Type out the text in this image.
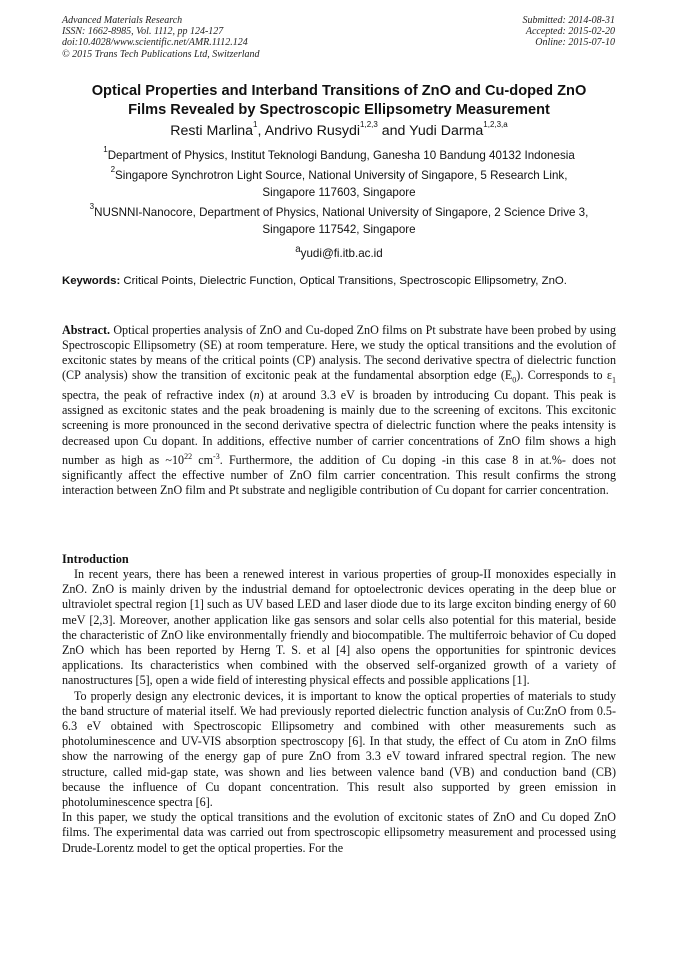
Advanced Materials Research
ISSN: 1662-8985, Vol. 1112, pp 124-127
doi:10.4028/www.scientific.net/AMR.1112.124
© 2015 Trans Tech Publications Ltd, Switzerland
Submitted: 2014-08-31
Accepted: 2015-02-20
Online: 2015-07-10
Optical Properties and Interband Transitions of ZnO and Cu-doped ZnO
Films Revealed by Spectroscopic Ellipsometry Measurement
Resti Marlina$^1$, Andrivo Rusydi$^{1,2,3}$ and Yudi Darma$^{1,2,3,a}$
$^1$Department of Physics, Institut Teknologi Bandung, Ganesha 10 Bandung 40132 Indonesia
$^2$Singapore Synchrotron Light Source, National University of Singapore, 5 Research Link,
Singapore 117603, Singapore
$^3$NUSNNI-Nanocore, Department of Physics, National University of Singapore, 2 Science Drive 3,
Singapore 117542, Singapore
$^a$yudi@fi.itb.ac.id
Keywords: Critical Points, Dielectric Function, Optical Transitions, Spectroscopic Ellipsometry, ZnO.
Abstract. Optical properties analysis of ZnO and Cu-doped ZnO films on Pt substrate have been probed by using Spectroscopic Ellipsometry (SE) at room temperature. Here, we study the optical transitions and the evolution of excitonic states by means of the critical points (CP) analysis. The second derivative spectra of dielectric function (CP analysis) show the transition of excitonic peak at the fundamental absorption edge $(E_0)$. Corresponds to $\varepsilon_1$ spectra, the peak of refractive index (n) at around 3.3 eV is broaden by introducing Cu dopant. This peak is assigned as excitonic states and the peak broadening is mainly due to the screening of excitons. This excitonic screening is more pronounced in the second derivative spectra of dielectric function where the peaks intensity is decreased upon Cu dopant. In additions, effective number of carrier concentrations of ZnO film shows a high number as high as $\sim 10^{22}$ $cm^{-3}$. Furthermore, the addition of Cu doping -in this case 8 in at.%- does not significantly affect the effective number of ZnO film carrier concentration. This result confirms the strong interaction between ZnO film and Pt substrate and negligible contribution of Cu dopant for carrier concentration.
Introduction

In recent years, there has been a renewed interest in various properties of group-II monoxides especially in ZnO. ZnO is mainly driven by the industrial demand for optoelectronic devices operating in the deep blue or ultraviolet spectral region [1] such as UV based LED and laser diode due to its large exciton binding energy of 60 meV [2,3]. Moreover, another application like gas sensors and solar cells also potential for this material, beside the characteristic of ZnO like environmentally friendly and biocompatible. The multiferroic behavior of Cu doped ZnO which has been reported by Herng T. S. et al [4] also opens the opportunities for spintronic devices applications. Its characteristics when combined with the observed self-organized growth of a variety of nanostructures [5], open a wide field of interesting physical effects and possible applications [1].

To properly design any electronic devices, it is important to know the optical properties of materials to study the band structure of material itself. We had previously reported dielectric function analysis of Cu:ZnO from 0.5-6.3 eV obtained with Spectroscopic Ellipsometry and combined with other measurements such as photoluminescence and UV-VIS absorption spectroscopy [6]. In that study, the effect of Cu atom in ZnO films show the narrowing of the energy gap of pure ZnO from 3.3 eV toward infrared spectral region. The new structure, called mid-gap state, was shown and lies between valence band (VB) and conduction band (CB) because the influence of Cu dopant concentration. This result also supported by green emission in photoluminescence spectra [6].

In this paper, we study the optical transitions and the evolution of excitonic states of ZnO and Cu doped ZnO films. The experimental data was carried out from spectroscopic ellipsometry measurement and processed using Drude-Lorentz model to get the optical properties. For the
